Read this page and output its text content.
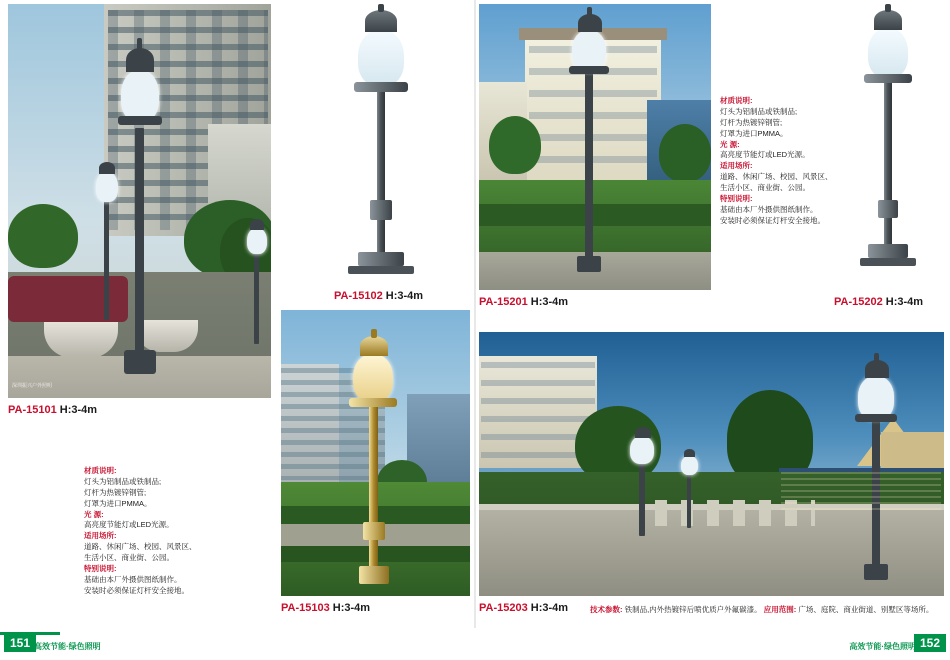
深圳振兴户外照明
PA-15101 H:3-4m
PA-15102 H:3-4m
材质说明:
灯头为铝制品或铁制品;
灯杆为热镀锌钢管;
灯罩为进口PMMA。
光 源:
高亮度节能灯或LED光源。
适用场所:
道路、休闲广场、校园、风景区、
生活小区、商业街、公园。
特别说明:
基础由本厂外摄供图纸制作。
安装时必须保证灯杆安全接地。
PA-15103 H:3-4m
PA-15201 H:3-4m
材质说明:
灯头为铝制品或铁制品;
灯杆为热镀锌钢管;
灯罩为进口PMMA。
光 源:
高亮度节能灯或LED光源。
适用场所:
道路、休闲广场、校园、风景区、
生活小区、商业街、公园。
特别说明:
基础由本厂外摄供图纸制作。
安装时必须保证灯杆安全接地。
PA-15202 H:3-4m
PA-15203 H:3-4m	技术参数: 铁制品,内外热镀锌后喷优质户外氟碳漆。 应用范围: 广场、庭院、商业街道、别墅区等场所。
151 高效节能·绿色照明	152
高效节能·绿色照明
